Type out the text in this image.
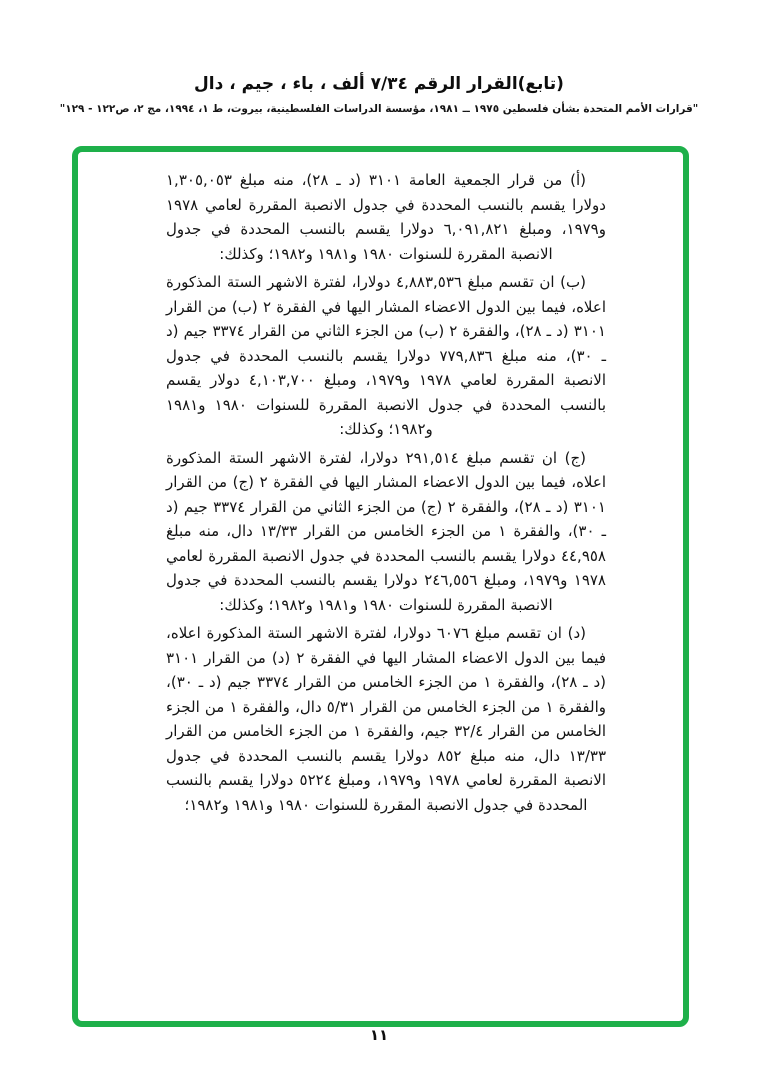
(تابع)القرار الرقم ٧/٣٤ ألف ، باء ، جيم ، دال
"قرارات الأمم المتحدة بشأن فلسطين ١٩٧٥ ــ ١٩٨١، مؤسسة الدراسات الفلسطينية، بيروت، ط ١، ١٩٩٤، مج ٢، ص١٢٢ - ١٢٩"

(أ) من قرار الجمعية العامة ٣١٠١ (د ـ ٢٨)، منه مبلغ ١,٣٠٥,٠٥٣ دولارا يقسم بالنسب المحددة في جدول الانصبة المقررة لعامي ١٩٧٨ و١٩٧٩، ومبلغ ٦,٠٩١,٨٢١ دولارا يقسم بالنسب المحددة في جدول الانصبة المقررة للسنوات ١٩٨٠ و١٩٨١ و١٩٨٢؛ وكذلك:

(ب) ان تقسم مبلغ ٤,٨٨٣,٥٣٦ دولارا، لفترة الاشهر الستة المذكورة اعلاه، فيما بين الدول الاعضاء المشار اليها في الفقرة ٢ (ب) من القرار ٣١٠١ (د ـ ٢٨)، والفقرة ٢ (ب) من الجزء الثاني من القرار ٣٣٧٤ جيم (د ـ ٣٠)، منه مبلغ ٧٧٩,٨٣٦ دولارا يقسم بالنسب المحددة في جدول الانصبة المقررة لعامي ١٩٧٨ و١٩٧٩، ومبلغ ٤,١٠٣,٧٠٠ دولار يقسم بالنسب المحددة في جدول الانصبة المقررة للسنوات ١٩٨٠ و١٩٨١ و١٩٨٢؛ وكذلك:

(ج) ان تقسم مبلغ ٢٩١,٥١٤ دولارا، لفترة الاشهر الستة المذكورة اعلاه، فيما بين الدول الاعضاء المشار اليها في الفقرة ٢ (ج) من القرار ٣١٠١ (د ـ ٢٨)، والفقرة ٢ (ج) من الجزء الثاني من القرار ٣٣٧٤ جيم (د ـ ٣٠)، والفقرة ١ من الجزء الخامس من القرار ١٣/٣٣ دال، منه مبلغ ٤٤,٩٥٨ دولارا يقسم بالنسب المحددة في جدول الانصبة المقررة لعامي ١٩٧٨ و١٩٧٩، ومبلغ ٢٤٦,٥٥٦ دولارا يقسم بالنسب المحددة في جدول الانصبة المقررة للسنوات ١٩٨٠ و١٩٨١ و١٩٨٢؛ وكذلك:

(د) ان تقسم مبلغ ٦٠٧٦ دولارا، لفترة الاشهر الستة المذكورة اعلاه، فيما بين الدول الاعضاء المشار اليها في الفقرة ٢ (د) من القرار ٣١٠١ (د ـ ٢٨)، والفقرة ١ من الجزء الخامس من القرار ٣٣٧٤ جيم (د ـ ٣٠)، والفقرة ١ من الجزء الخامس من القرار ٥/٣١ دال، والفقرة ١ من الجزء الخامس من القرار ٣٢/٤ جيم، والفقرة ١ من الجزء الخامس من القرار ١٣/٣٣ دال، منه مبلغ ٨٥٢ دولارا يقسم بالنسب المحددة في جدول الانصبة المقررة لعامي ١٩٧٨ و١٩٧٩، ومبلغ ٥٢٢٤ دولارا يقسم بالنسب المحددة في جدول الانصبة المقررة للسنوات ١٩٨٠ و١٩٨١ و١٩٨٢؛

١١
